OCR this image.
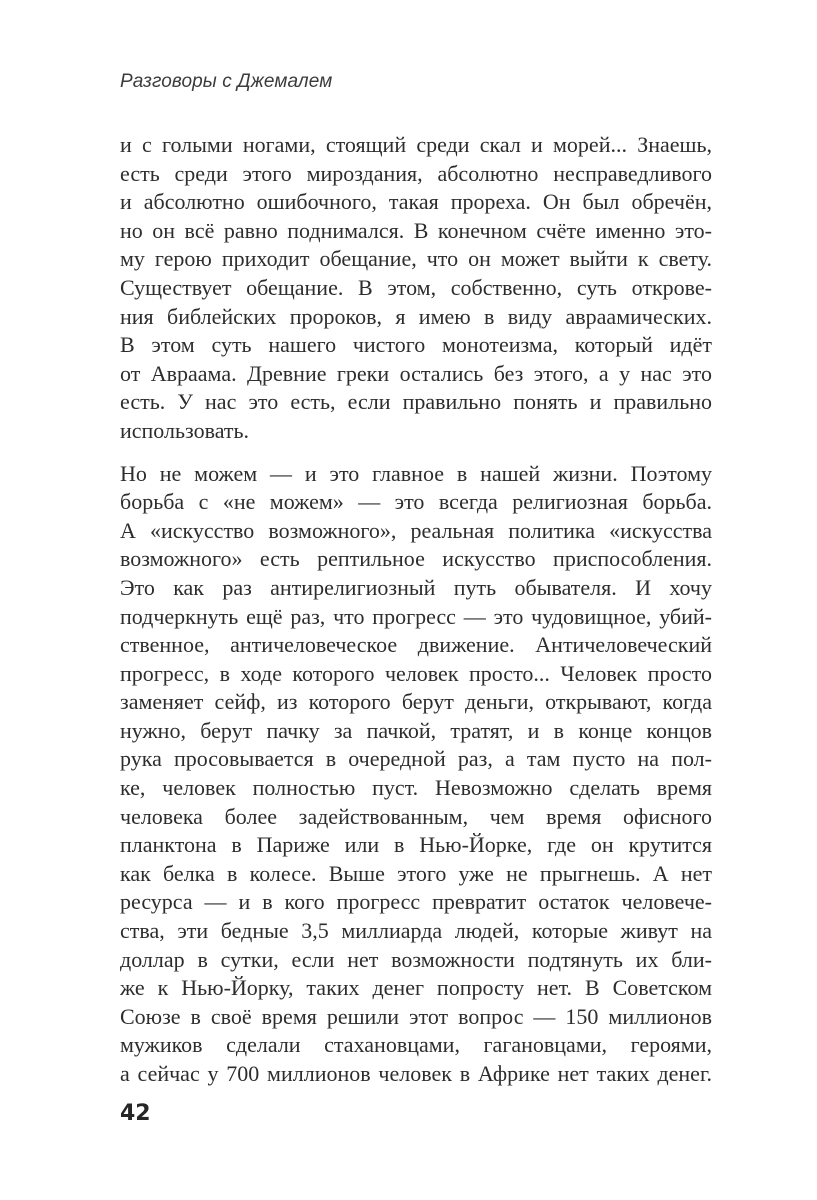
Разговоры с Джемалем
и с голыми ногами, стоящий среди скал и морей... Знаешь,
есть среди этого мироздания, абсолютно несправедливого
и абсолютно ошибочного, такая прореха. Он был обречён,
но он всё равно поднимался. В конечном счёте именно это-
му герою приходит обещание, что он может выйти к свету.
Существует обещание. В этом, собственно, суть открове-
ния библейских пророков, я имею в виду авраамических.
В этом суть нашего чистого монотеизма, который идёт
от Авраама. Древние греки остались без этого, а у нас это
есть. У нас это есть, если правильно понять и правильно
использовать.
Но не можем — и это главное в нашей жизни. Поэтому
борьба с «не можем» — это всегда религиозная борьба.
А «искусство возможного», реальная политика «искусства
возможного» есть рептильное искусство приспособления.
Это как раз антирелигиозный путь обывателя. И хочу
подчеркнуть ещё раз, что прогресс — это чудовищное, убий-
ственное, античеловеческое движение. Античеловеческий
прогресс, в ходе которого человек просто... Человек просто
заменяет сейф, из которого берут деньги, открывают, когда
нужно, берут пачку за пачкой, тратят, и в конце концов
рука просовывается в очередной раз, а там пусто на пол-
ке, человек полностью пуст. Невозможно сделать время
человека более задействованным, чем время офисного
планктона в Париже или в Нью-Йорке, где он крутится
как белка в колесе. Выше этого уже не прыгнешь. А нет
ресурса — и в кого прогресс превратит остаток человече-
ства, эти бедные 3,5 миллиарда людей, которые живут на
доллар в сутки, если нет возможности подтянуть их бли-
же к Нью-Йорку, таких денег попросту нет. В Советском
Союзе в своё время решили этот вопрос — 150 миллионов
мужиков сделали стахановцами, гагановцами, героями,
а сейчас у 700 миллионов человек в Африке нет таких денег.
42
